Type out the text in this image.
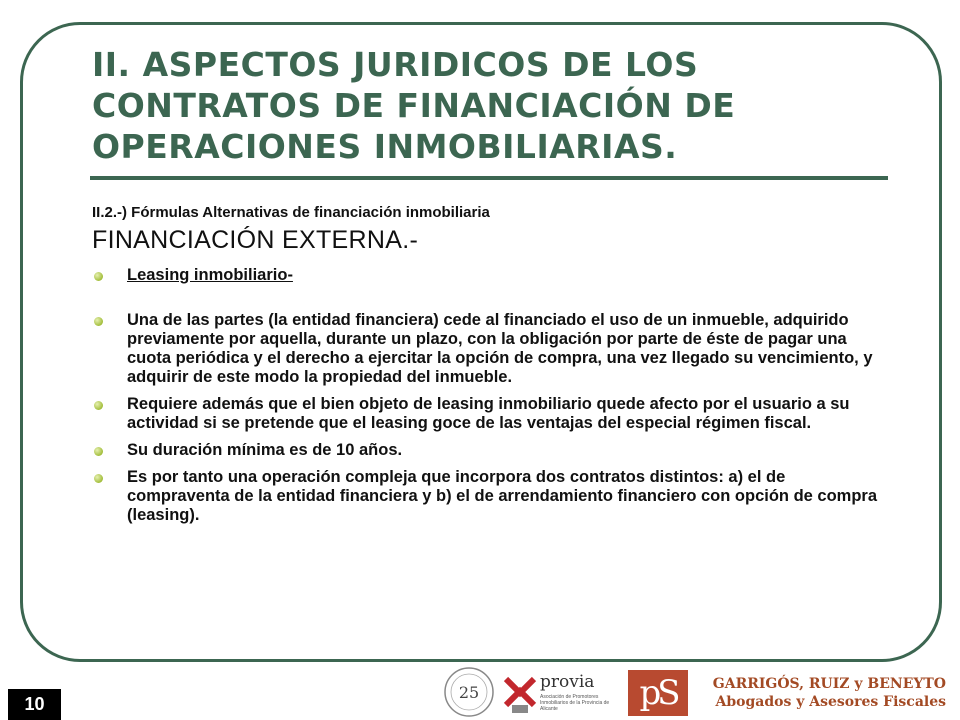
II. ASPECTOS JURIDICOS DE LOS CONTRATOS DE FINANCIACIÓN DE OPERACIONES INMOBILIARIAS.
II.2.-) Fórmulas Alternativas de financiación inmobiliaria
FINANCIACIÓN EXTERNA.-
Leasing inmobiliario-
Una de las partes (la entidad financiera) cede al financiado el uso de un inmueble, adquirido previamente por aquella, durante un plazo, con la obligación por parte de éste de pagar una cuota periódica y el derecho a ejercitar la opción de compra, una vez llegado su vencimiento, y adquirir de este modo la propiedad del inmueble.
Requiere además que el bien objeto de leasing inmobiliario quede afecto por el usuario a su actividad si se pretende que el leasing goce de las ventajas del especial régimen fiscal.
Su duración mínima es de 10 años.
Es por tanto una operación compleja que incorpora dos contratos distintos: a) el de compraventa de la entidad financiera y b) el de arrendamiento financiero con opción de compra (leasing).
10
25
provia
Asociación de Promotores Inmobiliarios de la Provincia de Alicante	pS	GARRIGÓS, RUIZ y BENEYTO
Abogados y Asesores Fiscales
